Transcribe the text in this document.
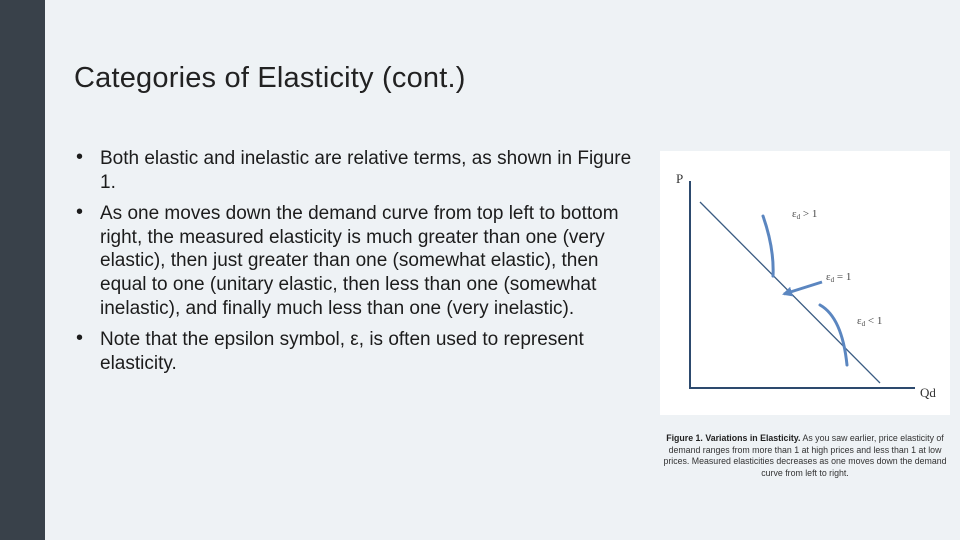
Categories of Elasticity (cont.)
• Both elastic and inelastic are relative terms, as shown in Figure 1.
• As one moves down the demand curve from top left to bottom right, the measured elasticity is much greater than one (very elastic), then just greater than one (somewhat elastic), then equal to one (unitary elastic, then less than one (somewhat inelastic), and finally much less than one (very inelastic).
• Note that the epsilon symbol, ε, is often used to represent elasticity.
P
Qd
εd > 1
εd = 1
εd < 1
Figure 1. Variations in Elasticity. As you saw earlier, price elasticity of demand ranges from more than 1 at high prices and less than 1 at low prices. Measured elasticities decreases as one moves down the demand curve from left to right.
